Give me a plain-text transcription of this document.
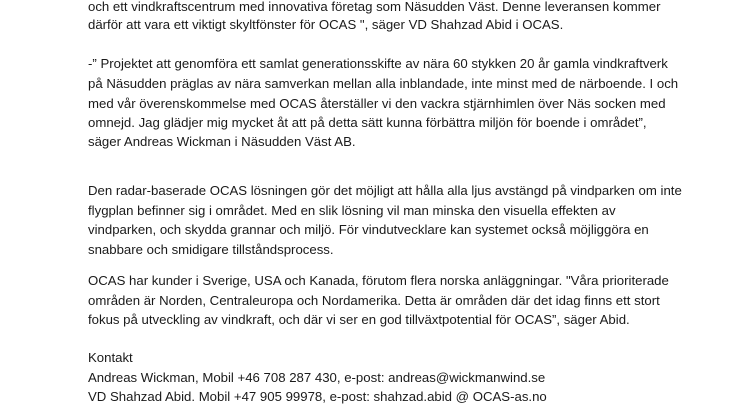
och ett vindkraftscentrum med innovativa företag som Näsudden Väst. Denne leveransen kommer

därför att vara ett viktigt skyltfönster för OCAS ", säger VD Shahzad Abid i OCAS.

-” Projektet att genomföra ett samlat generationsskifte av nära 60 stykken 20 år gamla vindkraftverk

på Näsudden präglas av nära samverkan mellan alla inblandade, inte minst med de närboende. I och

med vår överenskommelse med OCAS återställer vi den vackra stjärnhimlen över Näs socken med

omnejd. Jag glädjer mig mycket åt att på detta sätt kunna förbättra miljön för boende i området”,

säger Andreas Wickman i Näsudden Väst AB.

Den radar-baserade OCAS lösningen gör det möjligt att hålla alla ljus avstängd på vindparken om inte

flygplan befinner sig i området. Med en slik lösning vil man minska den visuella effekten av

vindparken, och skydda grannar och miljö. För vindutvecklare kan systemet också möjliggöra en

snabbare och smidigare tillståndsprocess.

OCAS har kunder i Sverige, USA och Kanada, förutom flera norska anläggningar. "Våra prioriterade

områden är Norden, Centraleuropa och Nordamerika. Detta är områden där det idag finns ett stort

fokus på utveckling av vindkraft, och där vi ser en god tillväxtpotential för OCAS”, säger Abid.

Kontakt

Andreas Wickman, Mobil +46 708 287 430, e-post: andreas@wickmanwind.se

VD Shahzad Abid. Mobil +47 905 99978, e-post: shahzad.abid @ OCAS-as.no
